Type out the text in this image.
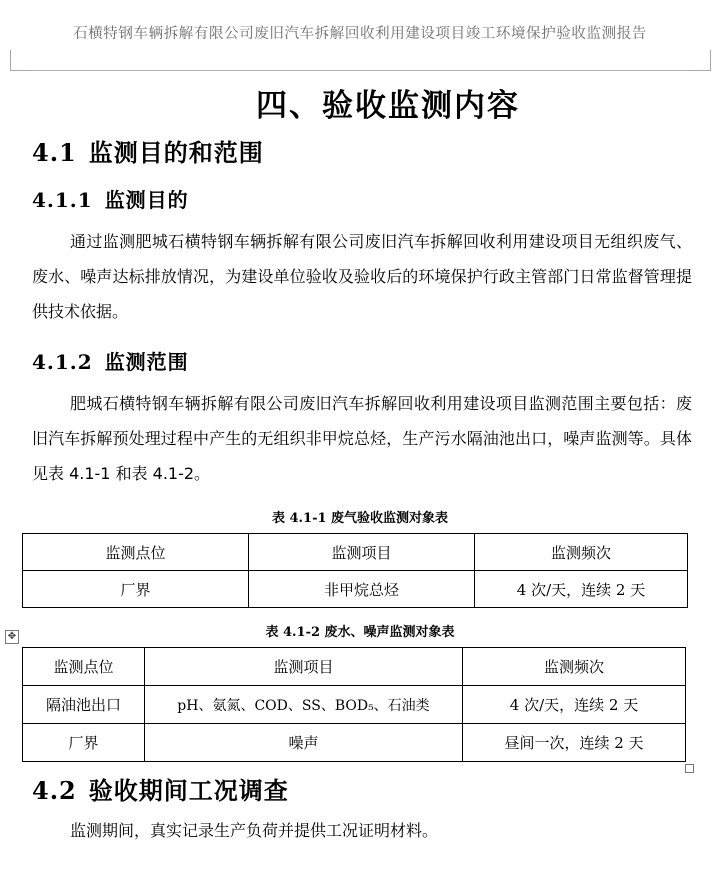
石横特钢车辆拆解有限公司废旧汽车拆解回收利用建设项目竣工环境保护验收监测报告
四、验收监测内容
4.1 监测目的和范围
4.1.1 监测目的
通过监测肥城石横特钢车辆拆解有限公司废旧汽车拆解回收利用建设项目无组织废气、废水、噪声达标排放情况，为建设单位验收及验收后的环境保护行政主管部门日常监督管理提供技术依据。
4.1.2 监测范围
肥城石横特钢车辆拆解有限公司废旧汽车拆解回收利用建设项目监测范围主要包括：废旧汽车拆解预处理过程中产生的无组织非甲烷总烃，生产污水隔油池出口，噪声监测等。具体见表 4.1-1 和表 4.1-2。
表 4.1-1 废气验收监测对象表
监测点位	监测项目	监测频次
厂界	非甲烷总烃	4 次/天，连续 2 天
✥	表 4.1-2 废水、噪声监测对象表
监测点位	监测项目	监测频次
隔油池出口	pH、氨氮、COD、SS、BOD₅、石油类	4 次/天，连续 2 天
厂界	噪声	昼间一次，连续 2 天
4.2 验收期间工况调查
监测期间，真实记录生产负荷并提供工况证明材料。
